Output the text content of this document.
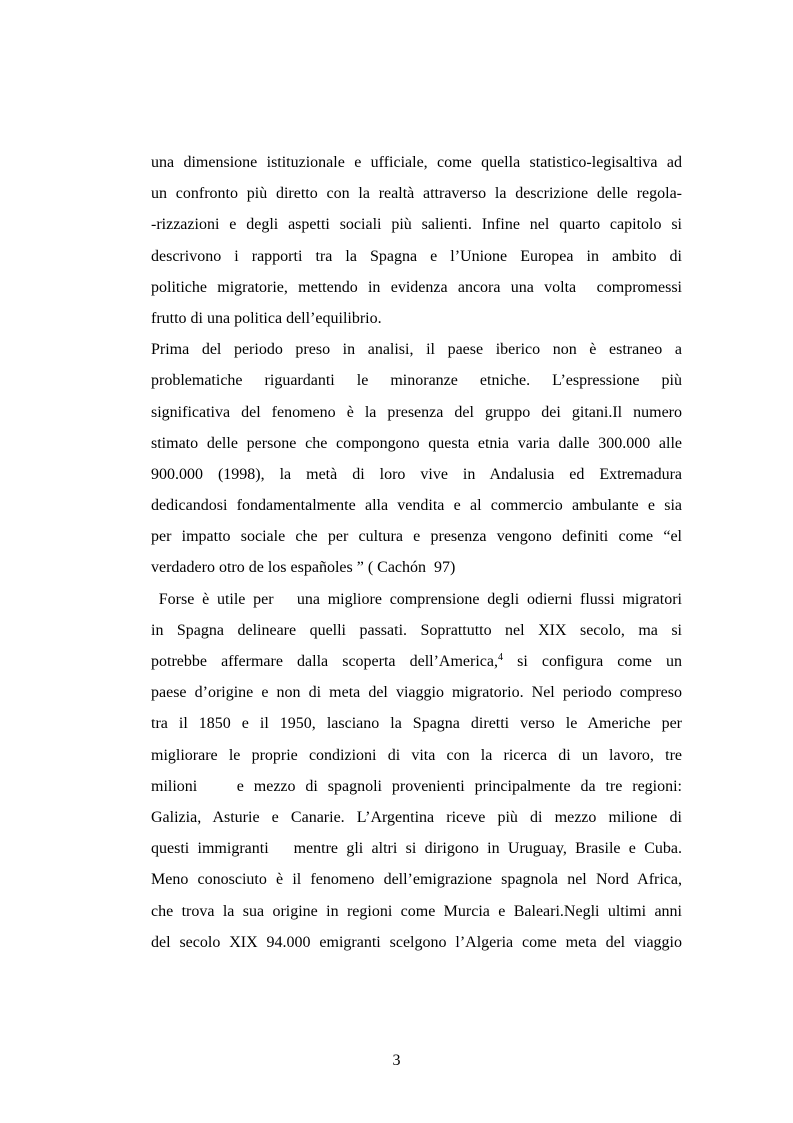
una dimensione istituzionale e ufficiale, come quella statistico-legisaltiva ad
un confronto più diretto con la realtà attraverso la descrizione delle regola-
-rizzazioni e degli aspetti sociali più salienti. Infine nel quarto capitolo si
descrivono i rapporti tra la Spagna e l’Unione Europea in ambito di
politiche migratorie, mettendo in evidenza ancora una volta  compromessi
frutto di una politica dell’equilibrio.
Prima del periodo preso in analisi, il paese iberico non è estraneo a
problematiche riguardanti le minoranze etniche. L’espressione più
significativa del fenomeno è la presenza del gruppo dei gitani.Il numero
stimato delle persone che compongono questa etnia varia dalle 300.000 alle
900.000 (1998), la metà di loro vive in Andalusia ed Extremadura
dedicandosi fondamentalmente alla vendita e al commercio ambulante e sia
per impatto sociale che per cultura e presenza vengono definiti come “el
verdadero otro de los españoles ” ( Cachón  97)
Forse è utile per   una migliore comprensione degli odierni flussi migratori
in Spagna delineare quelli passati. Soprattutto nel XIX secolo, ma si
potrebbe affermare dalla scoperta dell’America,$^4$ si configura come un
paese d’origine e non di meta del viaggio migratorio. Nel periodo compreso
tra il 1850 e il 1950, lasciano la Spagna diretti verso le Americhe per
migliorare le proprie condizioni di vita con la ricerca di un lavoro, tre
milioni    e mezzo di spagnoli provenienti principalmente da tre regioni:
Galizia, Asturie e Canarie. L’Argentina riceve più di mezzo milione di
questi immigranti   mentre gli altri si dirigono in Uruguay, Brasile e Cuba.
Meno conosciuto è il fenomeno dell’emigrazione spagnola nel Nord Africa,
che trova la sua origine in regioni come Murcia e Baleari.Negli ultimi anni
del secolo XIX 94.000 emigranti scelgono l’Algeria come meta del viaggio
3
